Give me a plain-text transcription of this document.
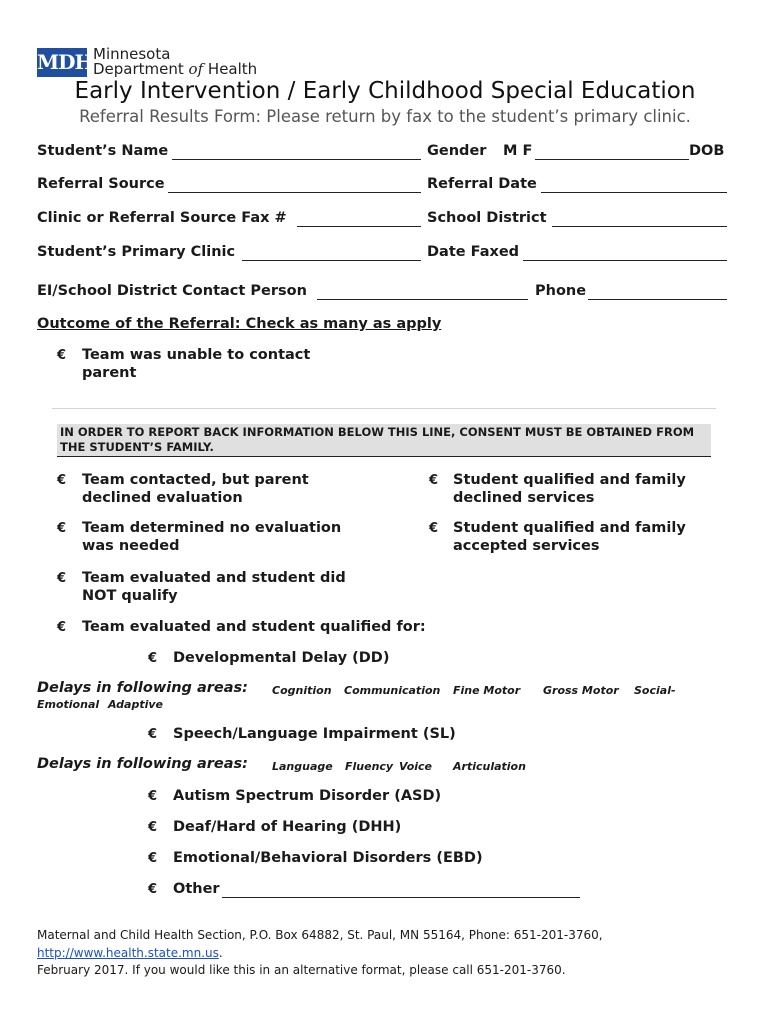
MDH Minnesota
Department of Health
Early Intervention / Early Childhood Special Education
Referral Results Form: Please return by fax to the student’s primary clinic.
Student’s Name	Gender M F	DOB
Referral Source	Referral Date
Clinic or Referral Source Fax #	School District
Student’s Primary Clinic	Date Faxed
EI/School District Contact Person	Phone
Outcome of the Referral: Check as many as apply
€ Team was unable to contact parent
IN ORDER TO REPORT BACK INFORMATION BELOW THIS LINE, CONSENT MUST BE OBTAINED FROM THE STUDENT’S FAMILY.
€ Team contacted, but parent declined evaluation
€ Team determined no evaluation was needed
€ Team evaluated and student did NOT qualify
€ Team evaluated and student qualified for:
€ Student qualified and family declined services
€ Student qualified and family accepted services
€ Developmental Delay (DD)
Delays in following areas: Cognition Communication Fine Motor Gross Motor Social-
Emotional Adaptive
€ Speech/Language Impairment (SL)
Delays in following areas: Language Fluency Voice Articulation
€ Autism Spectrum Disorder (ASD)
€ Deaf/Hard of Hearing (DHH)
€ Emotional/Behavioral Disorders (EBD)
€ Other
Maternal and Child Health Section, P.O. Box 64882, St. Paul, MN 55164, Phone: 651-201-3760,
http://www.health.state.mn.us.
February 2017. If you would like this in an alternative format, please call 651-201-3760.
